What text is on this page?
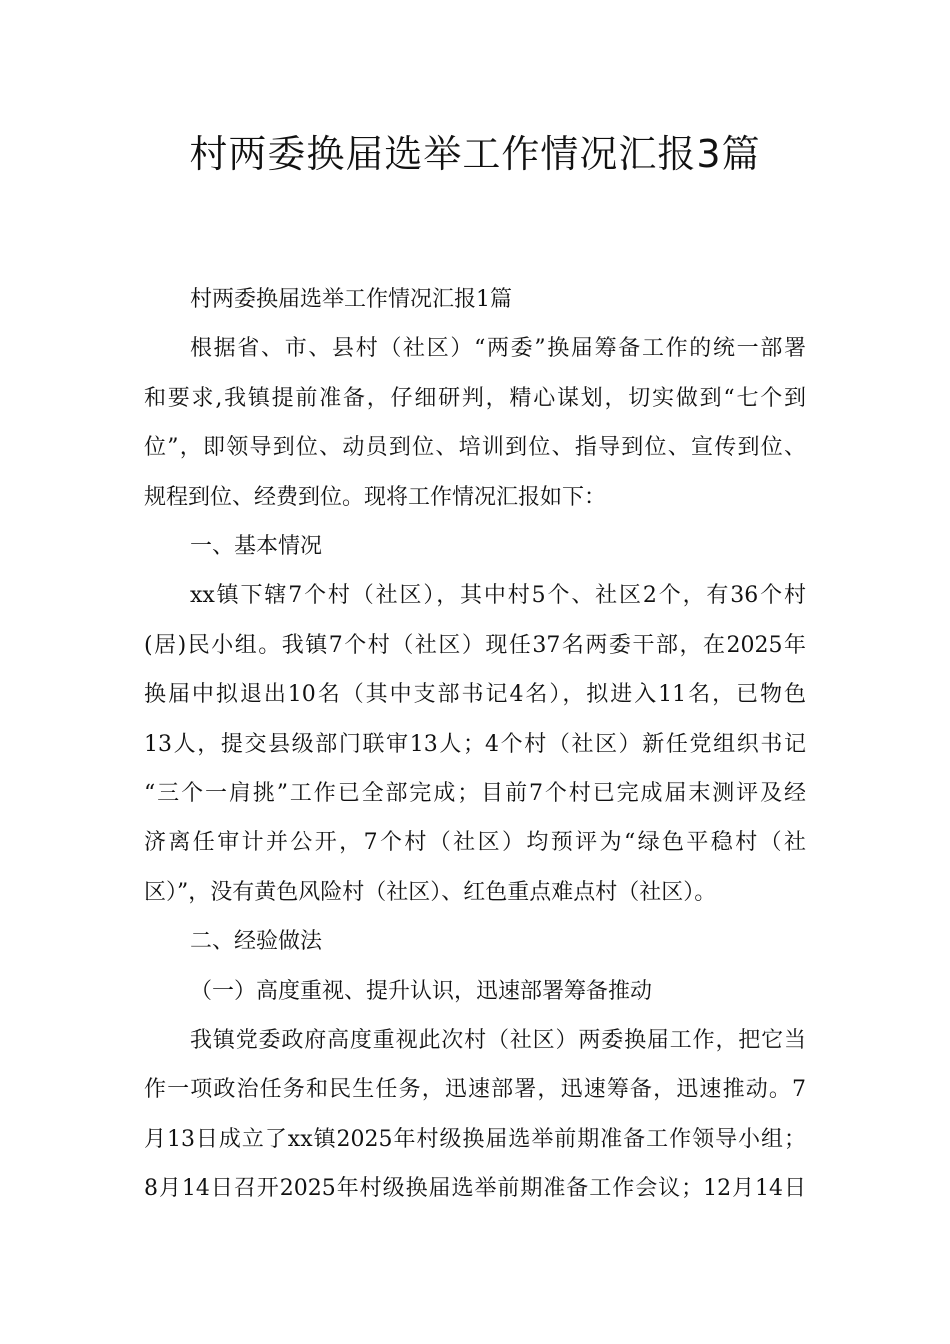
村两委换届选举工作情况汇报3篇
村两委换届选举工作情况汇报1篇
根据省、市、县村（社区）“两委”换届筹备工作的统一部署
和要求,我镇提前准备，仔细研判，精心谋划，切实做到“七个到
位”，即领导到位、动员到位、培训到位、指导到位、宣传到位、
规程到位、经费到位。现将工作情况汇报如下：
一、基本情况
xx镇下辖7个村（社区），其中村5个、社区2个，有36个村
(居)民小组。我镇7个村（社区）现任37名两委干部，在2025年
换届中拟退出10名（其中支部书记4名），拟进入11名，已物色
13人，提交县级部门联审13人；4个村（社区）新任党组织书记
“三个一肩挑”工作已全部完成；目前7个村已完成届末测评及经
济离任审计并公开，7个村（社区）均预评为“绿色平稳村（社
区）”，没有黄色风险村（社区）、红色重点难点村（社区）。
二、经验做法
（一）高度重视、提升认识，迅速部署筹备推动
我镇党委政府高度重视此次村（社区）两委换届工作，把它当
作一项政治任务和民生任务，迅速部署，迅速筹备，迅速推动。7
月13日成立了xx镇2025年村级换届选举前期准备工作领导小组；
8月14日召开2025年村级换届选举前期准备工作会议；12月14日
